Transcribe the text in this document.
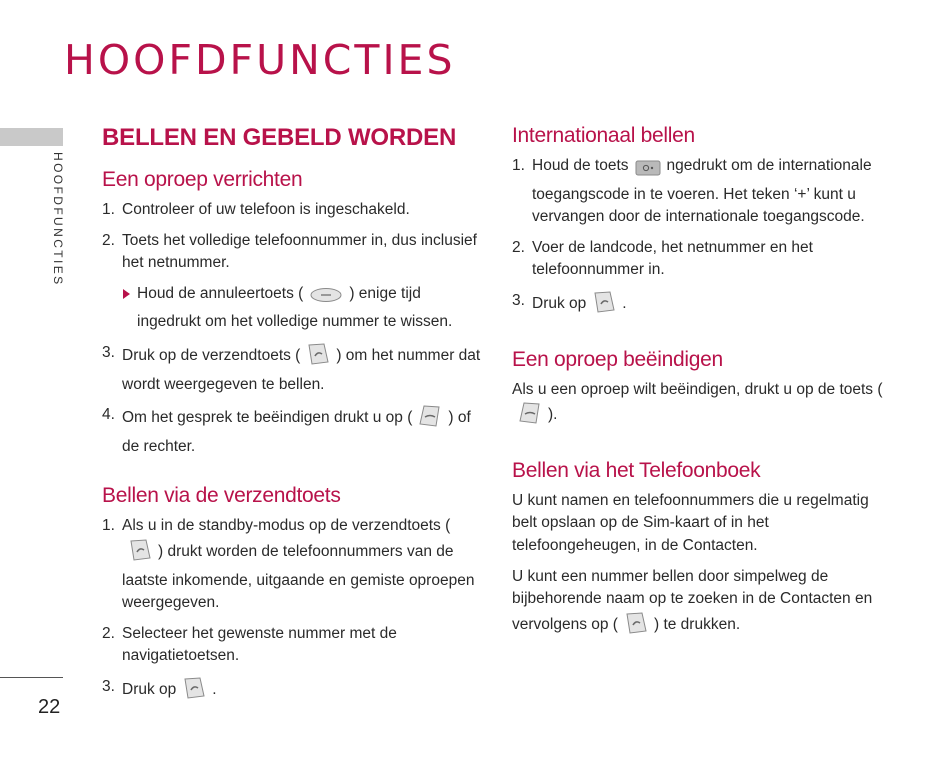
HOOFDFUNCTIES
HOOFDFUNCTIES
22
BELLEN EN GEBELD WORDEN
Een oproep verrichten
1. Controleer of uw telefoon is ingeschakeld.
2. Toets het volledige telefoonnummer in, dus inclusief het netnummer.
Houd de annuleertoets (	) enige tijd ingedrukt om het volledige nummer te wissen.
3. Druk op de verzendtoets ( ) om het nummer dat wordt weergegeven te bellen.
4. Om het gesprek te beëindigen drukt u op ( ) of de rechter.
Bellen via de verzendtoets
1. Als u in de standby-modus op de verzendtoets () drukt worden de telefoonnummers van de laatste inkomende, uitgaande en gemiste oproepen weergegeven.
2. Selecteer het gewenste nummer met de navigatietoetsen.
3. Druk op .
Internationaal bellen
1. Houd de toets ngedrukt om de internationale toegangscode in te voeren. Het teken ‘+’ kunt u vervangen door de internationale toegangscode.
2. Voer de landcode, het netnummer en het telefoonnummer in.
3. Druk op .
Een oproep beëindigen
Als u een oproep wilt beëindigen, drukt u op de toets ().
Bellen via het Telefoonboek
U kunt namen en telefoonnummers die u regelmatig belt opslaan op de Sim-kaart of in het telefoongeheugen, in de Contacten.
U kunt een nummer bellen door simpelweg de bijbehorende naam op te zoeken in de Contacten en vervolgens op ( ) te drukken.
